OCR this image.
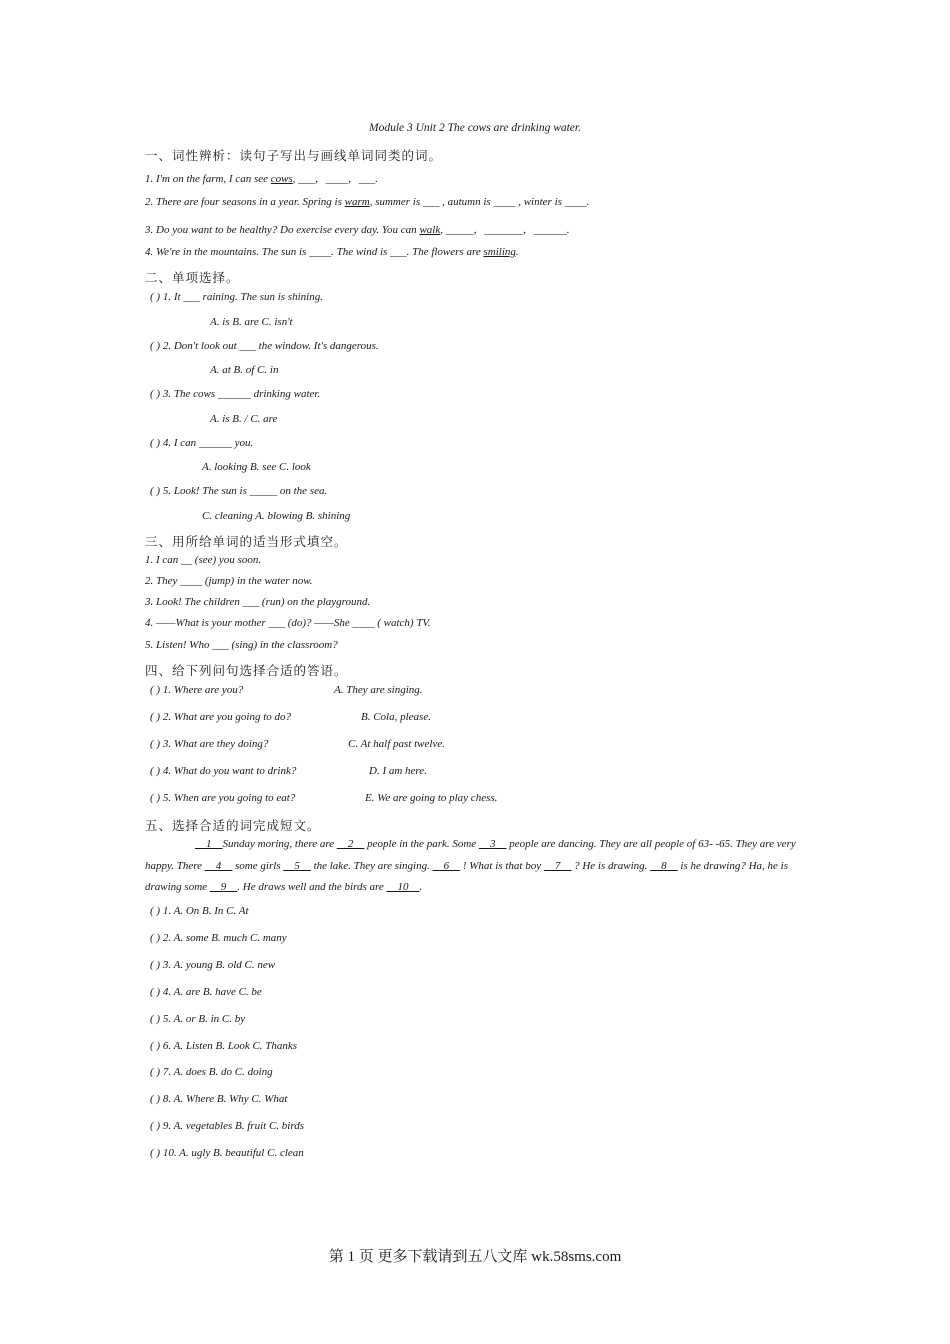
Module 3 Unit 2 The cows are drinking water.
一、词性辨析：读句子写出与画线单词同类的词。
1. I'm on the farm, I can see cows, ___，____，___.
2. There are four seasons in a year. Spring is warm, summer is ___ , autumn is ____ , winter is ____.
3. Do you want to be healthy? Do exercise every day. You can walk, _____，_______，______.
4. We're in the mountains. The sun is ____. The wind is ___. The flowers are smiling.
二、单项选择。
( ) 1. It ___ raining. The sun is shining.
A. is B. are C. isn't
( ) 2. Don't look out ___ the window. It's dangerous.
A. at B. of C. in
( ) 3. The cows ______ drinking water.
A. is B. / C. are
( ) 4. I can ______ you.
A. looking B. see C. look
( ) 5. Look! The sun is _____ on the sea.
C. cleaning A. blowing B. shining
三、用所给单词的适当形式填空。
1. I can __ (see) you soon.
2. They ____ (jump) in the water now.
3. Look! The children ___ (run) on the playground.
4. ——What is your mother ___ (do)? ——She ____ ( watch) TV.
5. Listen! Who ___ (sing) in the classroom?
四、给下列问句选择合适的答语。
( ) 1. Where are you?	A. They are singing.
( ) 2. What are you going to do?	B. Cola, please.
( ) 3. What are they doing?	C. At half past twelve.
( ) 4. What do you want to drink?	D. I am here.
( ) 5. When are you going to eat?	E. We are going to play chess.
五、选择合适的词完成短文。
__1__Sunday moring, there are __2__ people in the park. Some __3__ people are dancing. They are all people of 63- -65. They are very happy. There __4__ some girls __5__ the lake. They are singing. __6__ ! What is that boy __7__ ? He is drawing. __8__ is he drawing? Ha, he is drawing some __9__. He draws well and the birds are __10__.
( ) 1. A. On B. In C. At
( ) 2. A. some B. much C. many
( ) 3. A. young B. old C. new
( ) 4. A. are B. have C. be
( ) 5. A. or B. in C. by
( ) 6. A. Listen B. Look C. Thanks
( ) 7. A. does B. do C. doing
( ) 8. A. Where B. Why C. What
( ) 9. A. vegetables B. fruit C. birds
( ) 10. A. ugly B. beautiful C. clean
第 1 页 更多下载请到五八文库 wk.58sms.com
